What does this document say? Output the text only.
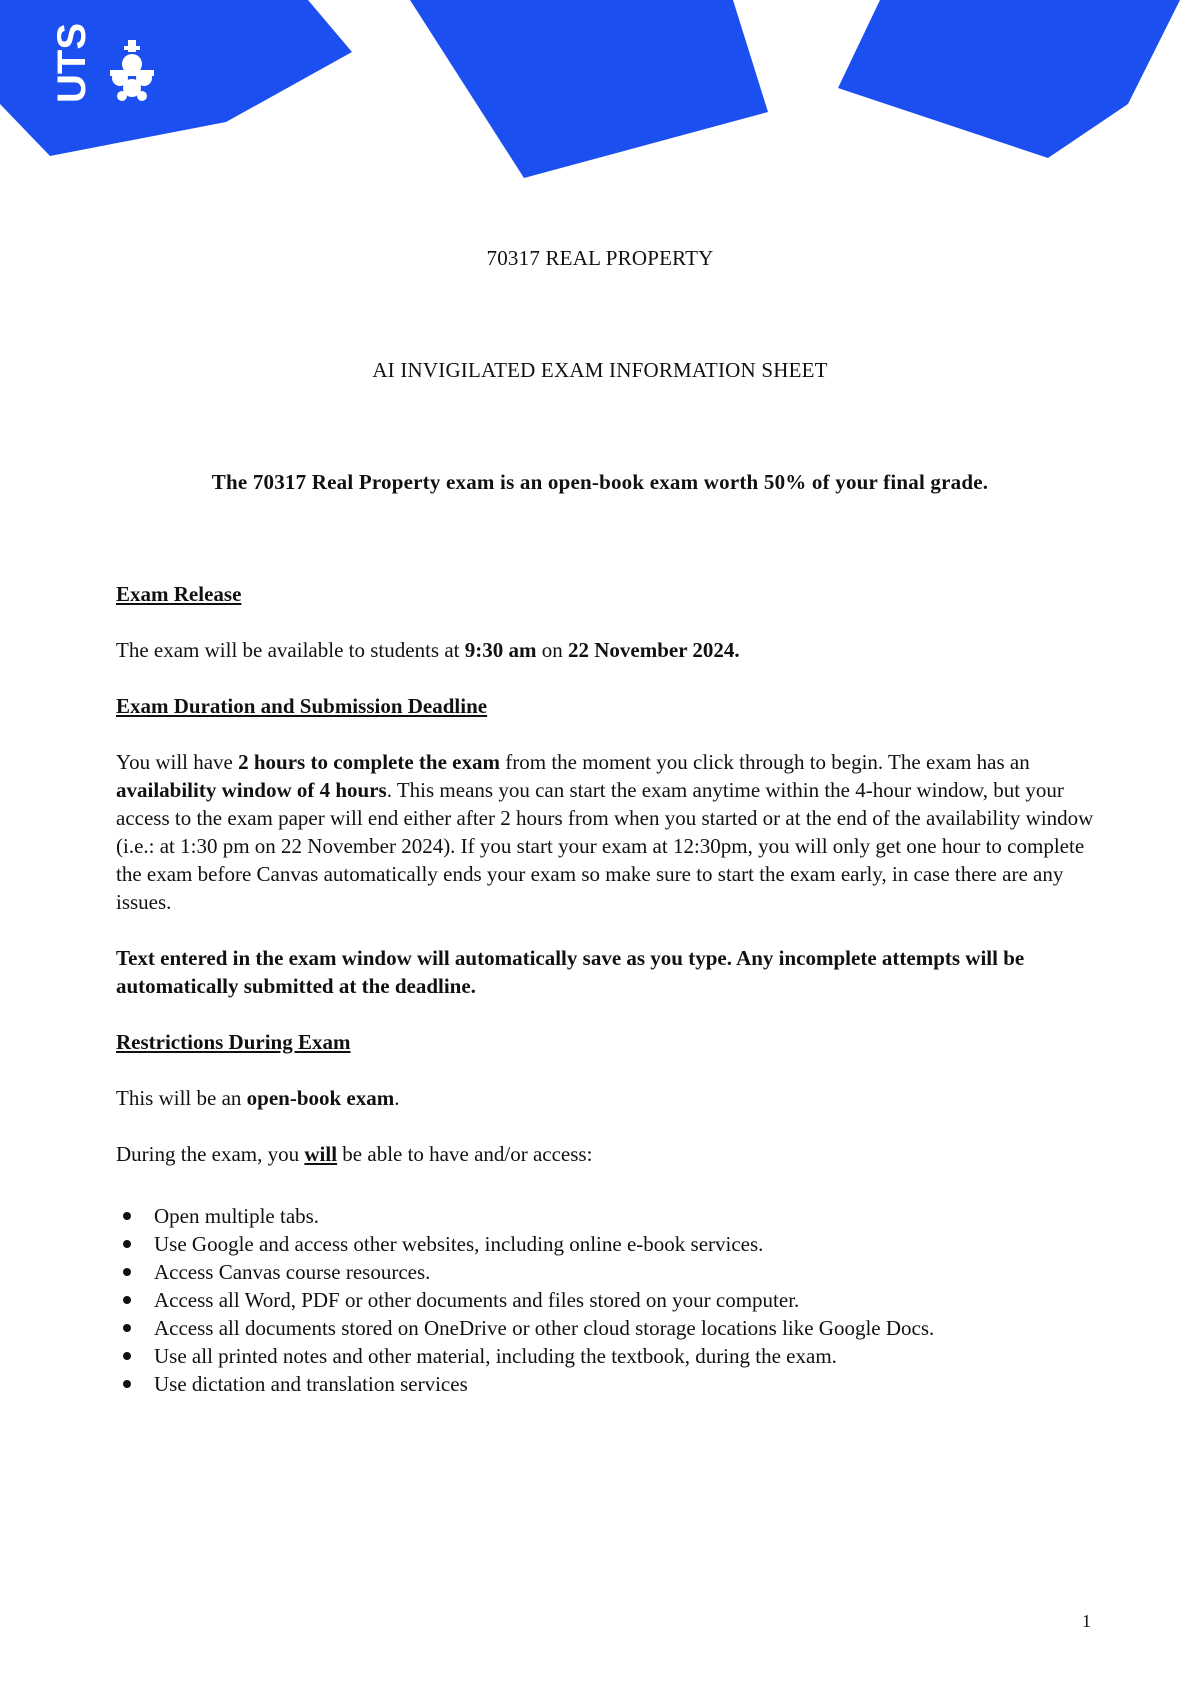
UTS
70317 REAL PROPERTY
AI INVIGILATED EXAM INFORMATION SHEET
The 70317 Real Property exam is an open-book exam worth 50% of your final grade.
Exam Release
The exam will be available to students at 9:30 am on 22 November 2024.
Exam Duration and Submission Deadline
You will have 2 hours to complete the exam from the moment you click through to begin. The exam has an availability window of 4 hours. This means you can start the exam anytime within the 4-hour window, but your access to the exam paper will end either after 2 hours from when you started or at the end of the availability window (i.e.: at 1:30 pm on 22 November 2024). If you start your exam at 12:30pm, you will only get one hour to complete the exam before Canvas automatically ends your exam so make sure to start the exam early, in case there are any issues.
Text entered in the exam window will automatically save as you type. Any incomplete attempts will be automatically submitted at the deadline.
Restrictions During Exam
This will be an open-book exam.
During the exam, you will be able to have and/or access:
Open multiple tabs.
Use Google and access other websites, including online e-book services.
Access Canvas course resources.
Access all Word, PDF or other documents and files stored on your computer.
Access all documents stored on OneDrive or other cloud storage locations like Google Docs.
Use all printed notes and other material, including the textbook, during the exam.
Use dictation and translation services
1
